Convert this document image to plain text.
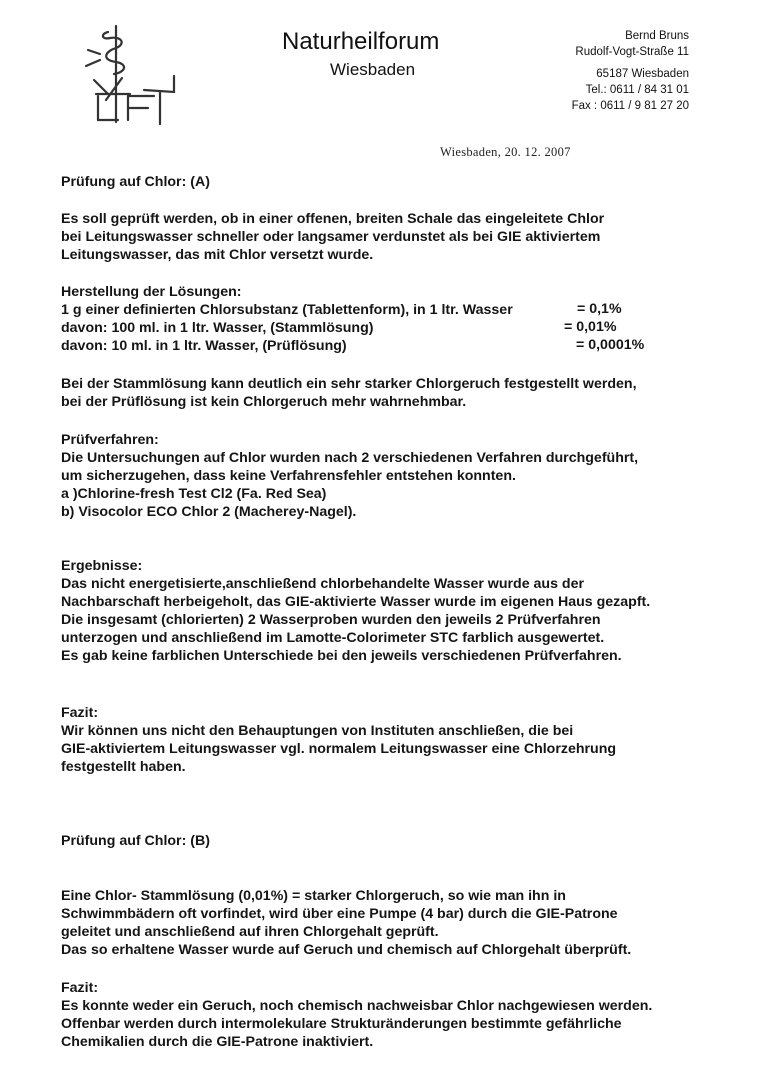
Naturheilforum
Wiesbaden
Bernd Bruns
Rudolf-Vogt-Straße 11
65187 Wiesbaden
Tel.: 0611 / 84 31 01
Fax : 0611 / 9 81 27 20
Wiesbaden, 20. 12. 2007
Prüfung auf Chlor: (A)
Es soll geprüft werden, ob in einer offenen, breiten Schale das eingeleitete Chlor
bei Leitungswasser schneller oder langsamer verdunstet als bei GIE aktiviertem
Leitungswasser, das mit Chlor versetzt wurde.
Herstellung der Lösungen:
1 g einer definierten Chlorsubstanz (Tablettenform), in 1 ltr. Wasser	= 0,1%
davon: 100 ml. in 1 ltr. Wasser, (Stammlösung)	= 0,01%
davon: 10 ml. in 1 ltr. Wasser, (Prüflösung)	= 0,0001%
Bei der Stammlösung kann deutlich ein sehr starker Chlorgeruch festgestellt werden,
bei der Prüflösung ist kein Chlorgeruch mehr wahrnehmbar.
Prüfverfahren:
Die Untersuchungen auf Chlor wurden nach 2 verschiedenen Verfahren durchgeführt,
um sicherzugehen, dass keine Verfahrensfehler entstehen konnten.
a )Chlorine-fresh Test Cl2 (Fa. Red Sea)
b) Visocolor ECO Chlor 2 (Macherey-Nagel).
Ergebnisse:
Das nicht energetisierte,anschließend chlorbehandelte Wasser wurde aus der
Nachbarschaft herbeigeholt, das GIE-aktivierte Wasser wurde im eigenen Haus gezapft.
Die insgesamt (chlorierten) 2 Wasserproben wurden den jeweils 2 Prüfverfahren
unterzogen und anschließend im Lamotte-Colorimeter STC farblich ausgewertet.
Es gab keine farblichen Unterschiede bei den jeweils verschiedenen Prüfverfahren.
Fazit:
Wir können uns nicht den Behauptungen von Instituten anschließen, die bei
GIE-aktiviertem Leitungswasser vgl. normalem Leitungswasser eine Chlorzehrung
festgestellt haben.
Prüfung auf Chlor: (B)
Eine Chlor- Stammlösung (0,01%) = starker Chlorgeruch, so wie man ihn in
Schwimmbädern oft vorfindet, wird über eine Pumpe (4 bar) durch die GIE-Patrone
geleitet und anschließend auf ihren Chlorgehalt geprüft.
Das so erhaltene Wasser wurde auf Geruch und chemisch auf Chlorgehalt überprüft.
Fazit:
Es konnte weder ein Geruch, noch chemisch nachweisbar Chlor nachgewiesen werden.
Offenbar werden durch intermolekulare Strukturänderungen bestimmte gefährliche
Chemikalien durch die GIE-Patrone inaktiviert.
